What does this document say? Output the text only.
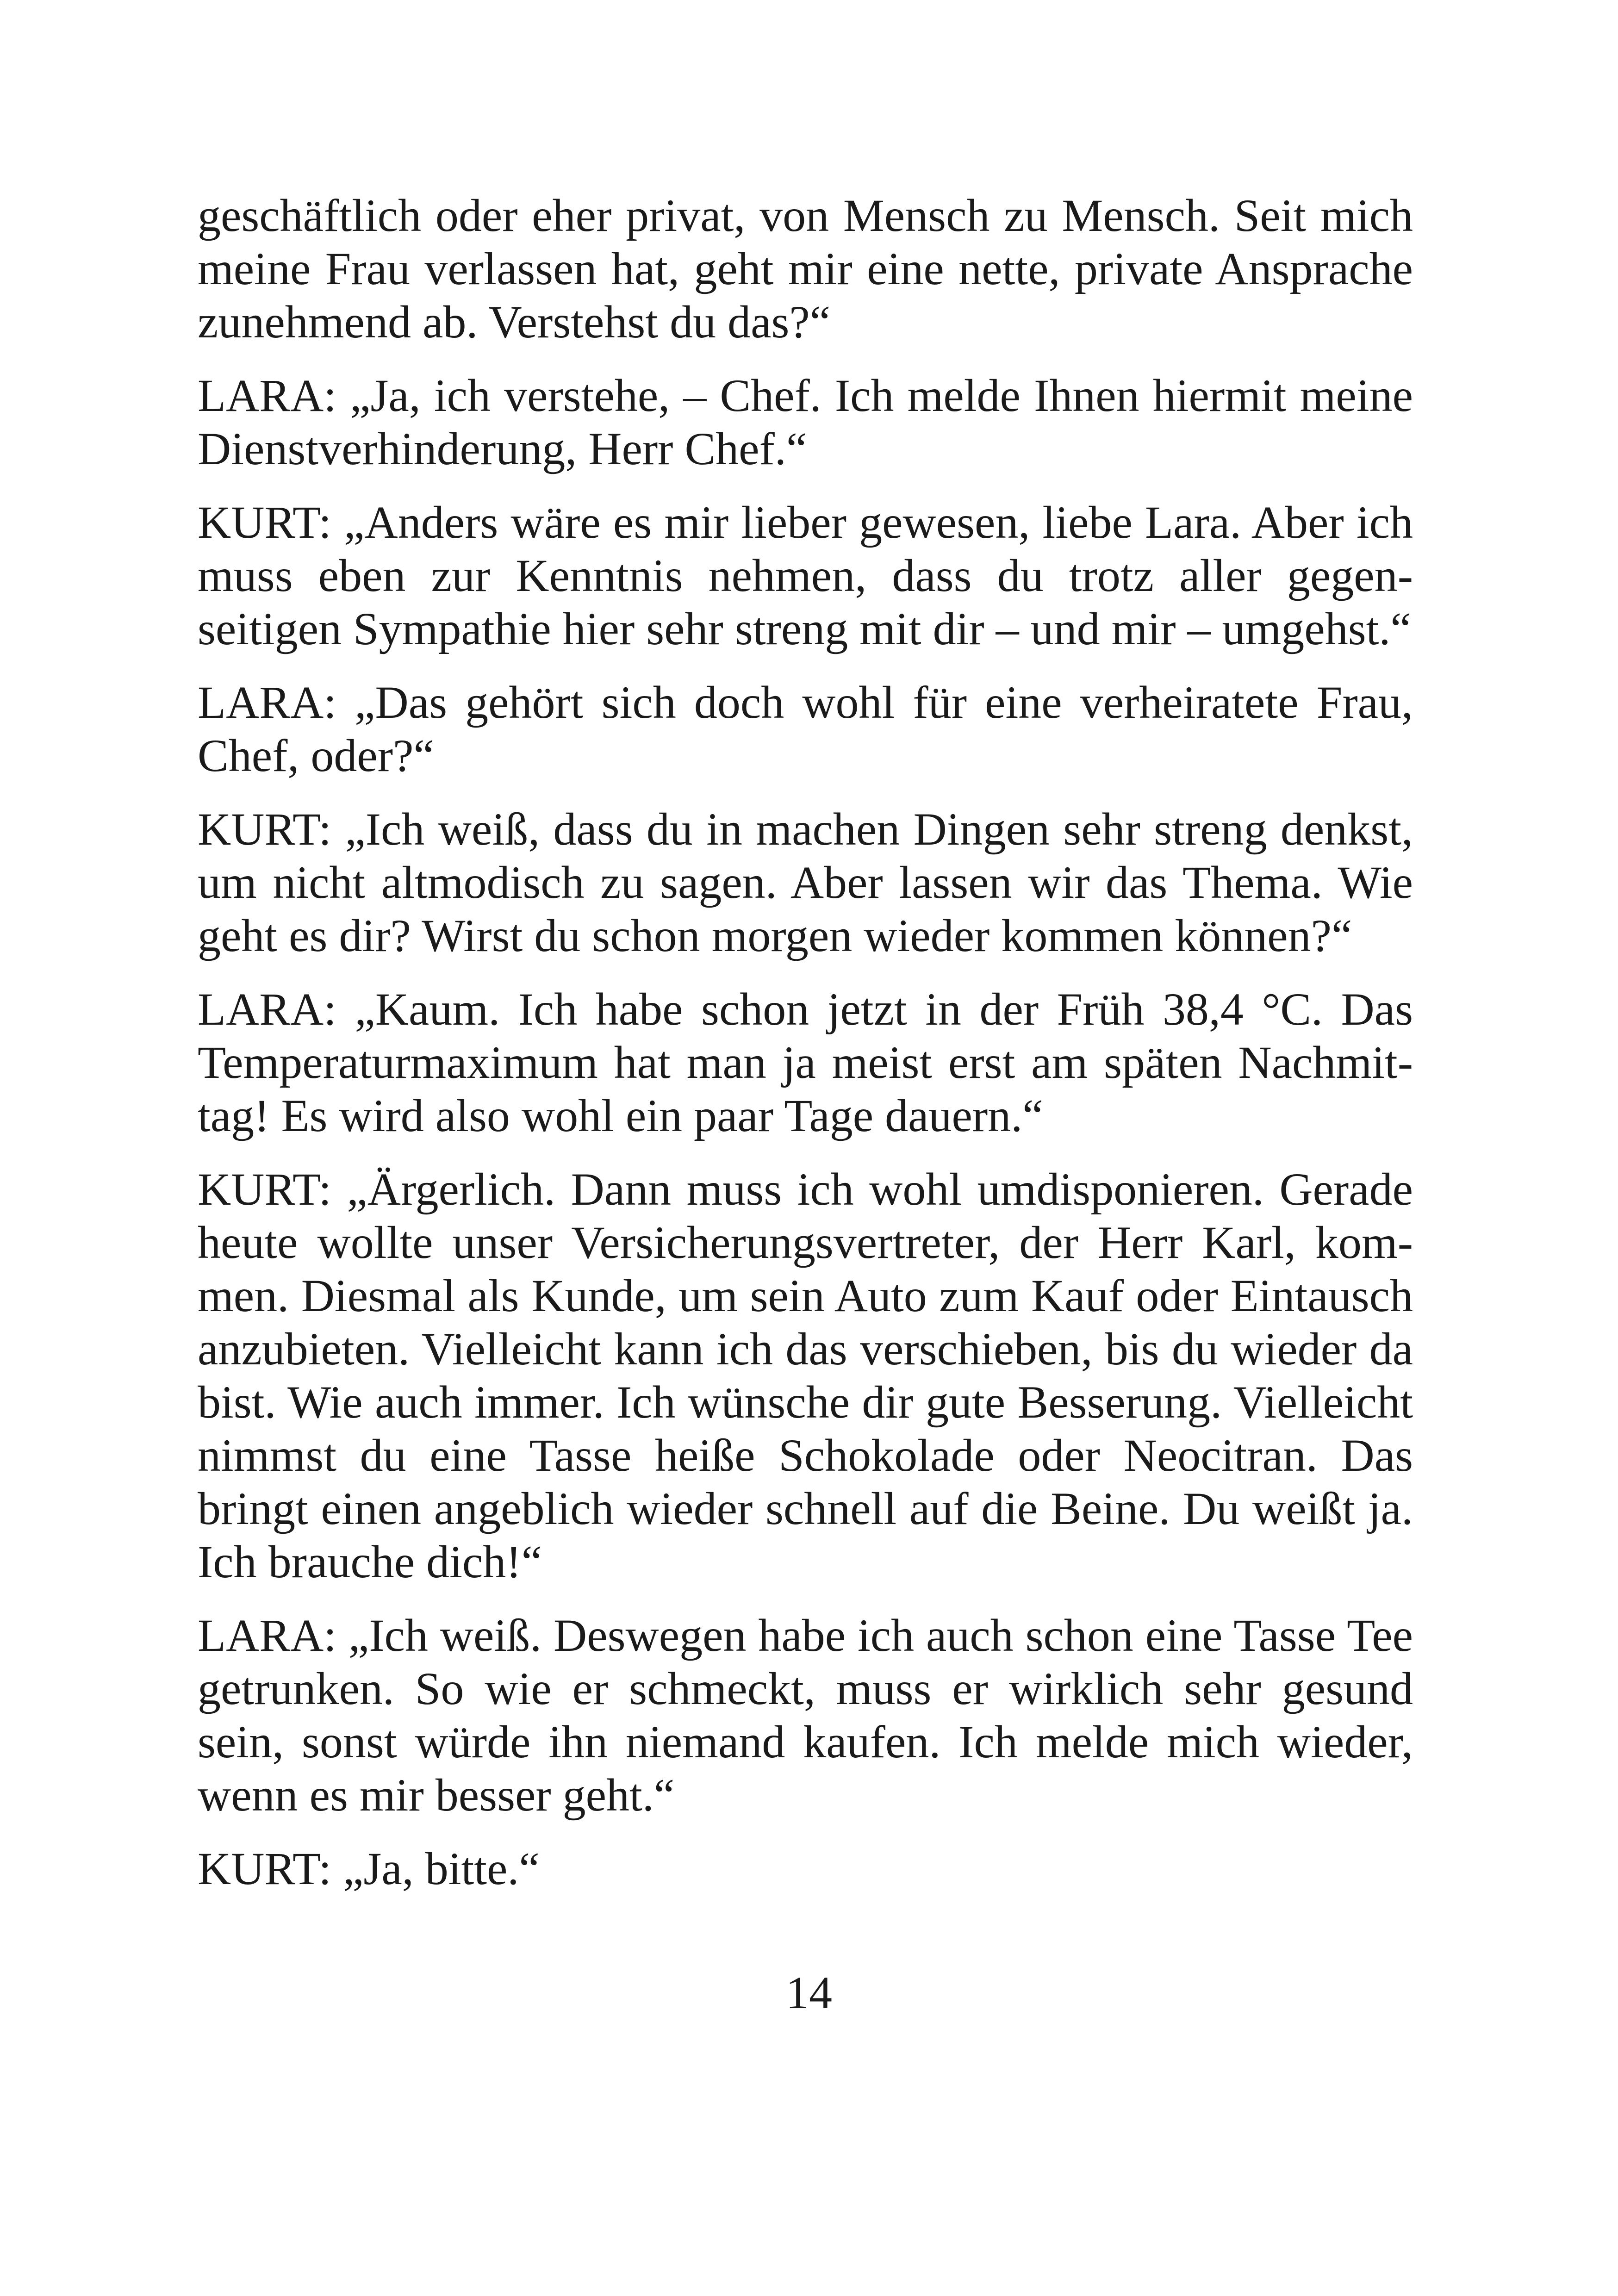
geschäftlich oder eher privat, von Mensch zu Mensch. Seit mich meine Frau verlassen hat, geht mir eine nette, private Ansprache zunehmend ab. Verstehst du das?“

LARA: „Ja, ich verstehe, – Chef. Ich melde Ihnen hiermit meine Dienstverhinderung, Herr Chef.“

KURT: „Anders wäre es mir lieber gewesen, liebe Lara. Aber ich muss eben zur Kenntnis nehmen, dass du trotz aller gegenseitigen Sympathie hier sehr streng mit dir – und mir – umgehst.“

LARA: „Das gehört sich doch wohl für eine verheiratete Frau, Chef, oder?“

KURT: „Ich weiß, dass du in machen Dingen sehr streng denkst, um nicht altmodisch zu sagen. Aber lassen wir das Thema. Wie geht es dir? Wirst du schon morgen wieder kommen können?“

LARA: „Kaum. Ich habe schon jetzt in der Früh 38,4 °C. Das Temperaturmaximum hat man ja meist erst am späten Nachmittag! Es wird also wohl ein paar Tage dauern.“

KURT: „Ärgerlich. Dann muss ich wohl umdisponieren. Gerade heute wollte unser Versicherungsvertreter, der Herr Karl, kommen. Diesmal als Kunde, um sein Auto zum Kauf oder Eintausch anzubieten. Vielleicht kann ich das verschieben, bis du wieder da bist. Wie auch immer. Ich wünsche dir gute Besserung. Vielleicht nimmst du eine Tasse heiße Schokolade oder Neocitran. Das bringt einen angeblich wieder schnell auf die Beine. Du weißt ja. Ich brauche dich!“

LARA: „Ich weiß. Deswegen habe ich auch schon eine Tasse Tee getrunken. So wie er schmeckt, muss er wirklich sehr gesund sein, sonst würde ihn niemand kaufen. Ich melde mich wieder, wenn es mir besser geht.“

KURT: „Ja, bitte.“

14
